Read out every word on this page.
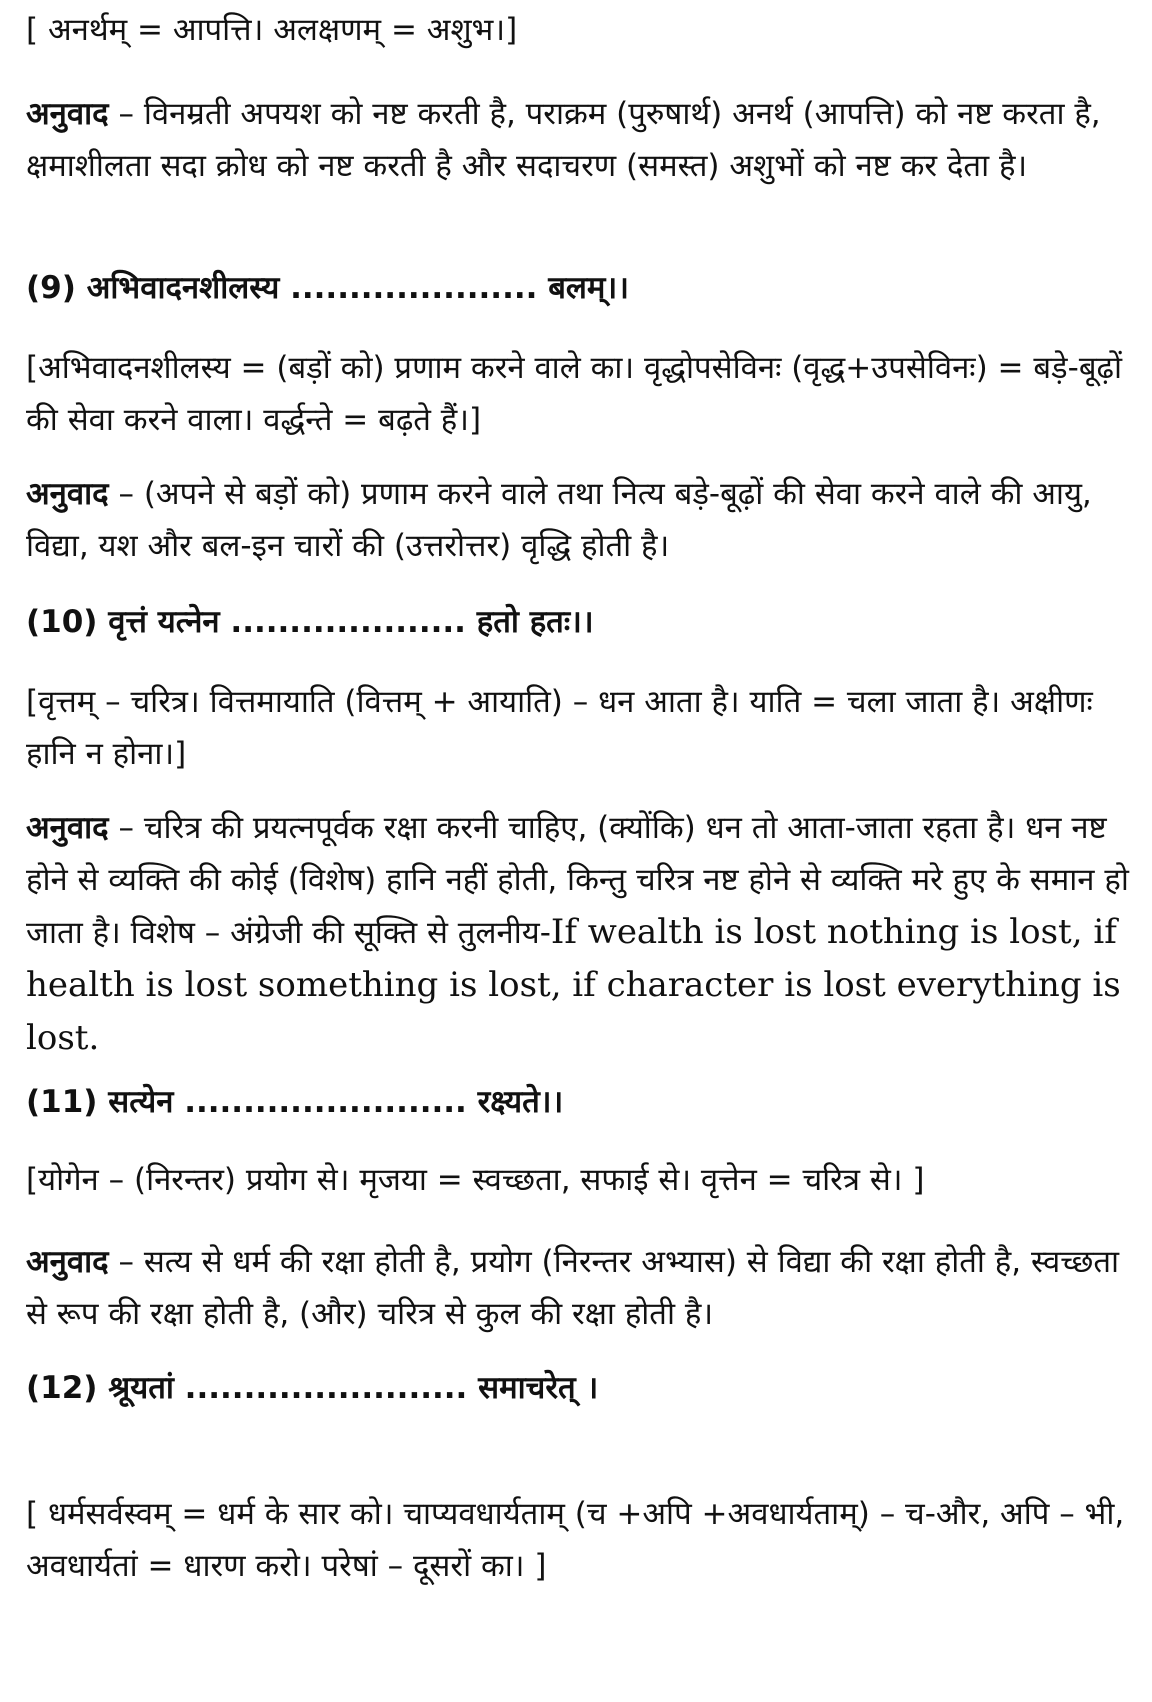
[ अनर्थम् = आपत्ति। अलक्षणम् = अशुभ।]

अनुवाद – विनम्रती अपयश को नष्ट करती है, पराक्रम (पुरुषार्थ) अनर्थ (आपत्ति) को नष्ट करता है, क्षमाशीलता सदा क्रोध को नष्ट करती है और सदाचरण (समस्त) अशुभों को नष्ट कर देता है।

(9) अभिवादनशीलस्य ..................... बलम्।।

[अभिवादनशीलस्य = (बड़ों को) प्रणाम करने वाले का। वृद्धोपसेविनः (वृद्ध+उपसेविनः) = बड़े-बूढ़ों की सेवा करने वाला। वर्द्धन्ते = बढ़ते हैं।]

अनुवाद – (अपने से बड़ों को) प्रणाम करने वाले तथा नित्य बड़े-बूढ़ों की सेवा करने वाले की आयु, विद्या, यश और बल-इन चारों की (उत्तरोत्तर) वृद्धि होती है।

(10) वृत्तं यत्नेन .................... हतो हतः।।

[वृत्तम् – चरित्र। वित्तमायाति (वित्तम् + आयाति) – धन आता है। याति = चला जाता है। अक्षीणः हानि न होना।]

अनुवाद – चरित्र की प्रयत्नपूर्वक रक्षा करनी चाहिए, (क्योंकि) धन तो आता-जाता रहता है। धन नष्ट होने से व्यक्ति की कोई (विशेष) हानि नहीं होती, किन्तु चरित्र नष्ट होने से व्यक्ति मरे हुए के समान हो जाता है। विशेष – अंग्रेजी की सूक्ति से तुलनीय-If wealth is lost nothing is lost, if health is lost something is lost, if character is lost everything is lost.

(11) सत्येन ........................ रक्ष्यते।।

[योगेन – (निरन्तर) प्रयोग से। मृजया = स्वच्छता, सफाई से। वृत्तेन = चरित्र से। ]

अनुवाद – सत्य से धर्म की रक्षा होती है, प्रयोग (निरन्तर अभ्यास) से विद्या की रक्षा होती है, स्वच्छता से रूप की रक्षा होती है, (और) चरित्र से कुल की रक्षा होती है।

(12) श्रूयतां ........................ समाचरेत् ।

[ धर्मसर्वस्वम् = धर्म के सार को। चाप्यवधार्यताम् (च +अपि +अवधार्यताम्) – च-और, अपि – भी, अवधार्यतां = धारण करो। परेषां – दूसरों का। ]
